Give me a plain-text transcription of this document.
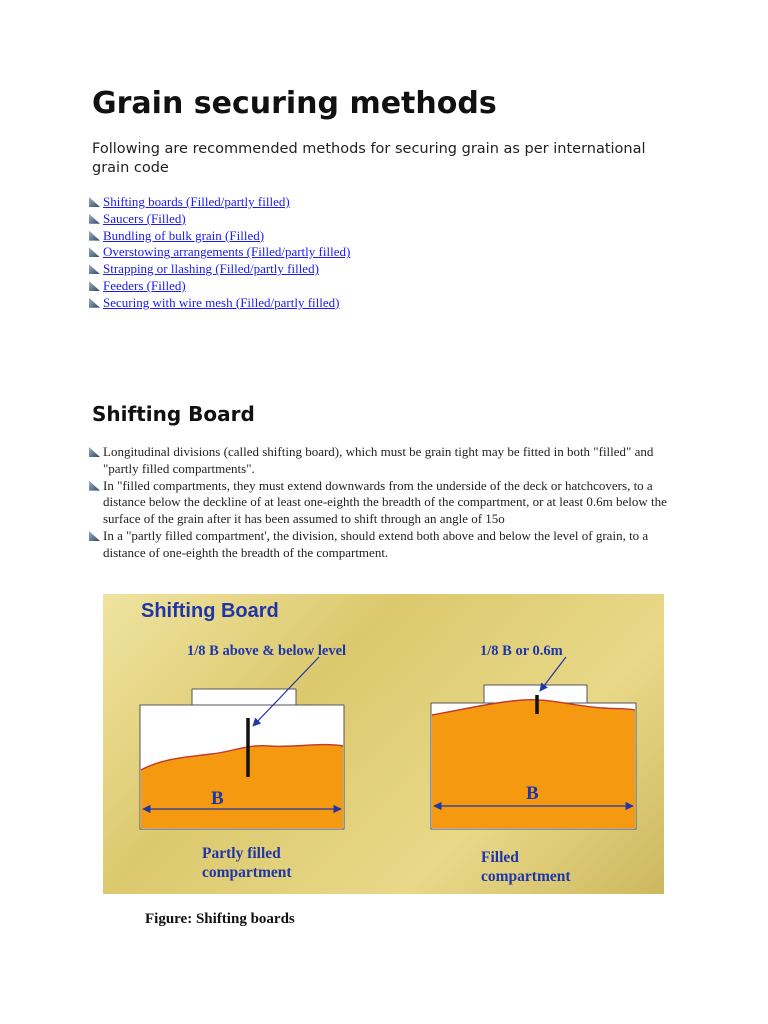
Grain securing methods

Following are recommended methods for securing grain as per international grain code

Shifting boards (Filled/partly filled)
Saucers (Filled)
Bundling of bulk grain (Filled)
Overstowing arrangements (Filled/partly filled)
Strapping or llashing (Filled/partly filled)
Feeders (Filled)
Securing with wire mesh (Filled/partly filled)
Shifting Board
Longitudinal divisions (called shifting board), which must be grain tight may be fitted in both "filled" and "partly filled compartments".
In "filled compartments, they must extend downwards from the underside of the deck or hatchcovers, to a distance below the deckline of at least one-eighth the breadth of the compartment, or at least 0.6m below the surface of the grain after it has been assumed to shift through an angle of 15o
In a "partly filled compartment', the division, should extend both above and below the level of grain, to a distance of one-eighth the breadth of the compartment.
Shifting Board
1/8 B above & below level
B
Partly filled
compartment
1/8 B or 0.6m
B
Filled
compartment

Figure: Shifting boards
